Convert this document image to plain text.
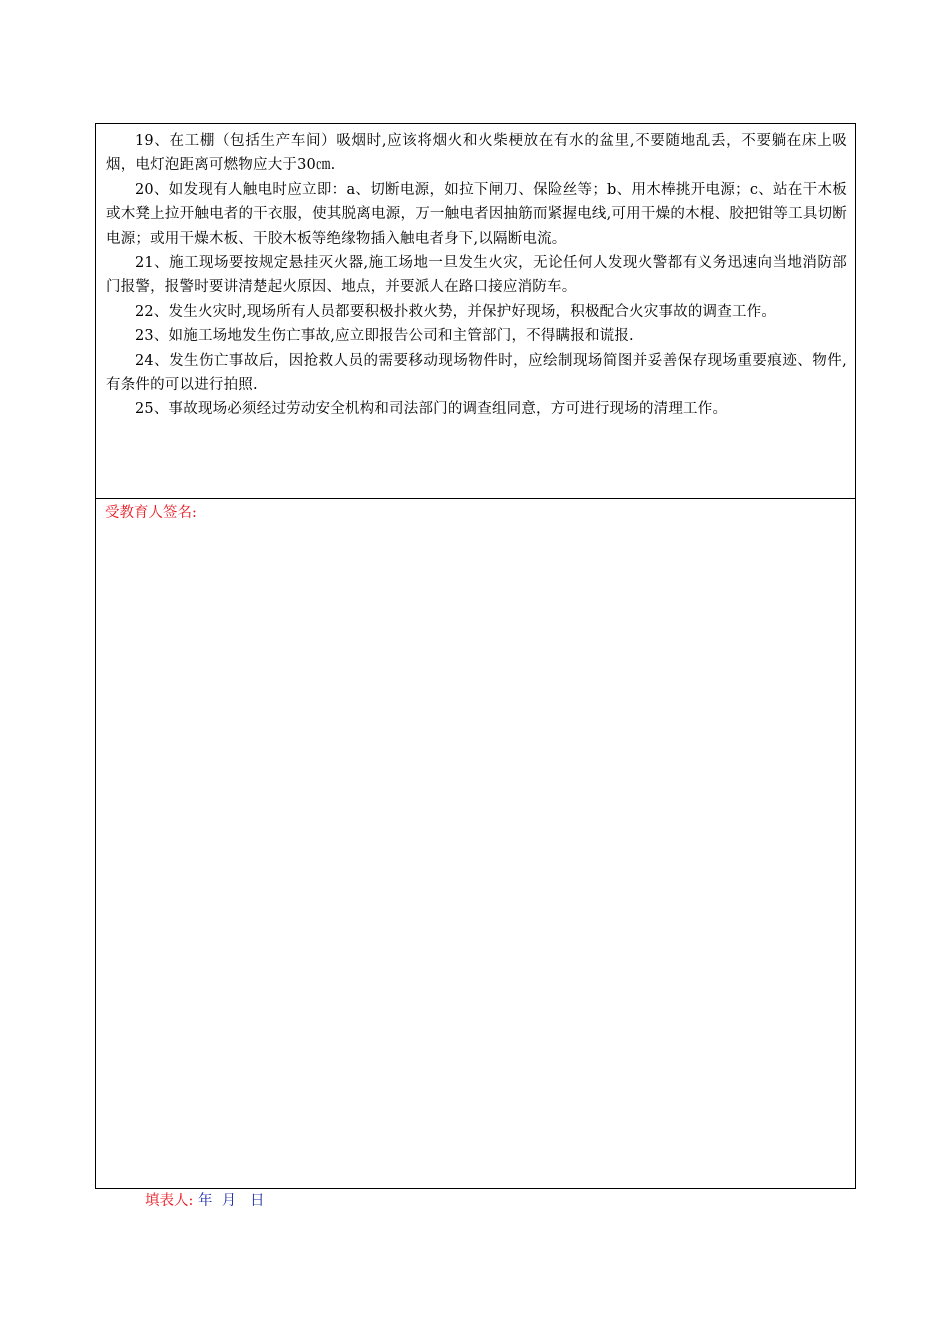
19、在工棚（包括生产车间）吸烟时,应该将烟火和火柴梗放在有水的盆里,不要随地乱丢，不要躺在床上吸烟，电灯泡距离可燃物应大于30㎝.

20、如发现有人触电时应立即：a、切断电源，如拉下闸刀、保险丝等；b、用木棒挑开电源；c、站在干木板或木凳上拉开触电者的干衣服，使其脱离电源，万一触电者因抽筋而紧握电线,可用干燥的木棍、胶把钳等工具切断电源；或用干燥木板、干胶木板等绝缘物插入触电者身下,以隔断电流。

21、施工现场要按规定悬挂灭火器,施工场地一旦发生火灾，无论任何人发现火警都有义务迅速向当地消防部门报警，报警时要讲清楚起火原因、地点，并要派人在路口接应消防车。

22、发生火灾时,现场所有人员都要积极扑救火势，并保护好现场，积极配合火灾事故的调查工作。

23、如施工场地发生伤亡事故,应立即报告公司和主管部门，不得瞒报和谎报.

24、发生伤亡事故后，因抢救人员的需要移动现场物件时，应绘制现场简图并妥善保存现场重要痕迹、物件,有条件的可以进行拍照.

25、事故现场必须经过劳动安全机构和司法部门的调查组同意，方可进行现场的清理工作。

受教育人签名:
填表人: 年  月   日
